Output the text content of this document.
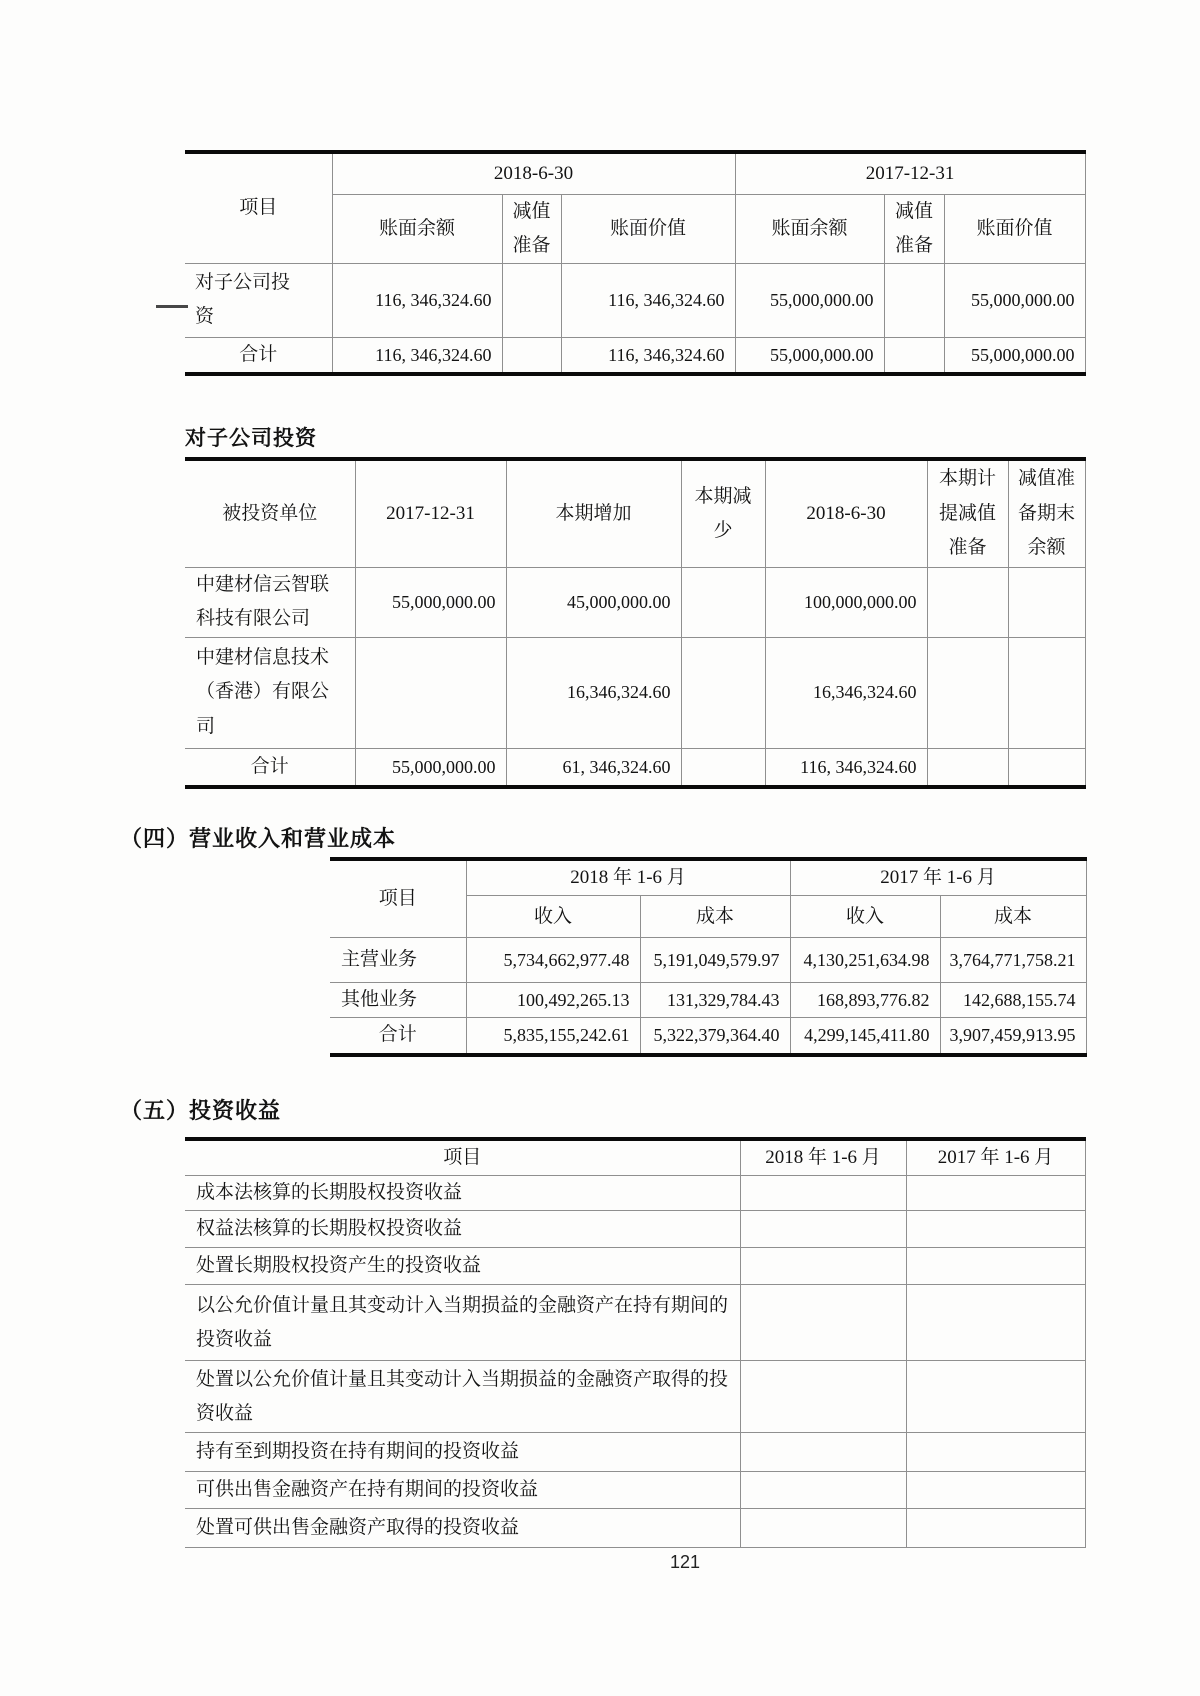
项目	2018-6-30			2017-12-31		
	账面余额	减值准备	账面价值	账面余额	减值准备	账面价值
对子公司投资	116, 346,324.60		116, 346,324.60	55,000,000.00		55,000,000.00
合计	116, 346,324.60		116, 346,324.60	55,000,000.00		55,000,000.00
对子公司投资
被投资单位	2017-12-31	本期增加	本期减少	2018-6-30	本期计提减值准备	减值准备期末余额
中建材信云智联科技有限公司	55,000,000.00	45,000,000.00		100,000,000.00		
中建材信息技术（香港）有限公司		16,346,324.60		16,346,324.60		
合计	55,000,000.00	61, 346,324.60		116, 346,324.60		
（四）营业收入和营业成本
项目	2018 年 1-6 月		2017 年 1-6 月	
	收入	成本	收入	成本
主营业务	5,734,662,977.48	5,191,049,579.97	4,130,251,634.98	3,764,771,758.21
其他业务	100,492,265.13	131,329,784.43	168,893,776.82	142,688,155.74
合计	5,835,155,242.61	5,322,379,364.40	4,299,145,411.80	3,907,459,913.95
（五）投资收益
项目	2018 年 1-6 月	2017 年 1-6 月
成本法核算的长期股权投资收益		
权益法核算的长期股权投资收益		
处置长期股权投资产生的投资收益		
以公允价值计量且其变动计入当期损益的金融资产在持有期间的投资收益		
处置以公允价值计量且其变动计入当期损益的金融资产取得的投资收益		
持有至到期投资在持有期间的投资收益		
可供出售金融资产在持有期间的投资收益		
处置可供出售金融资产取得的投资收益		
121
